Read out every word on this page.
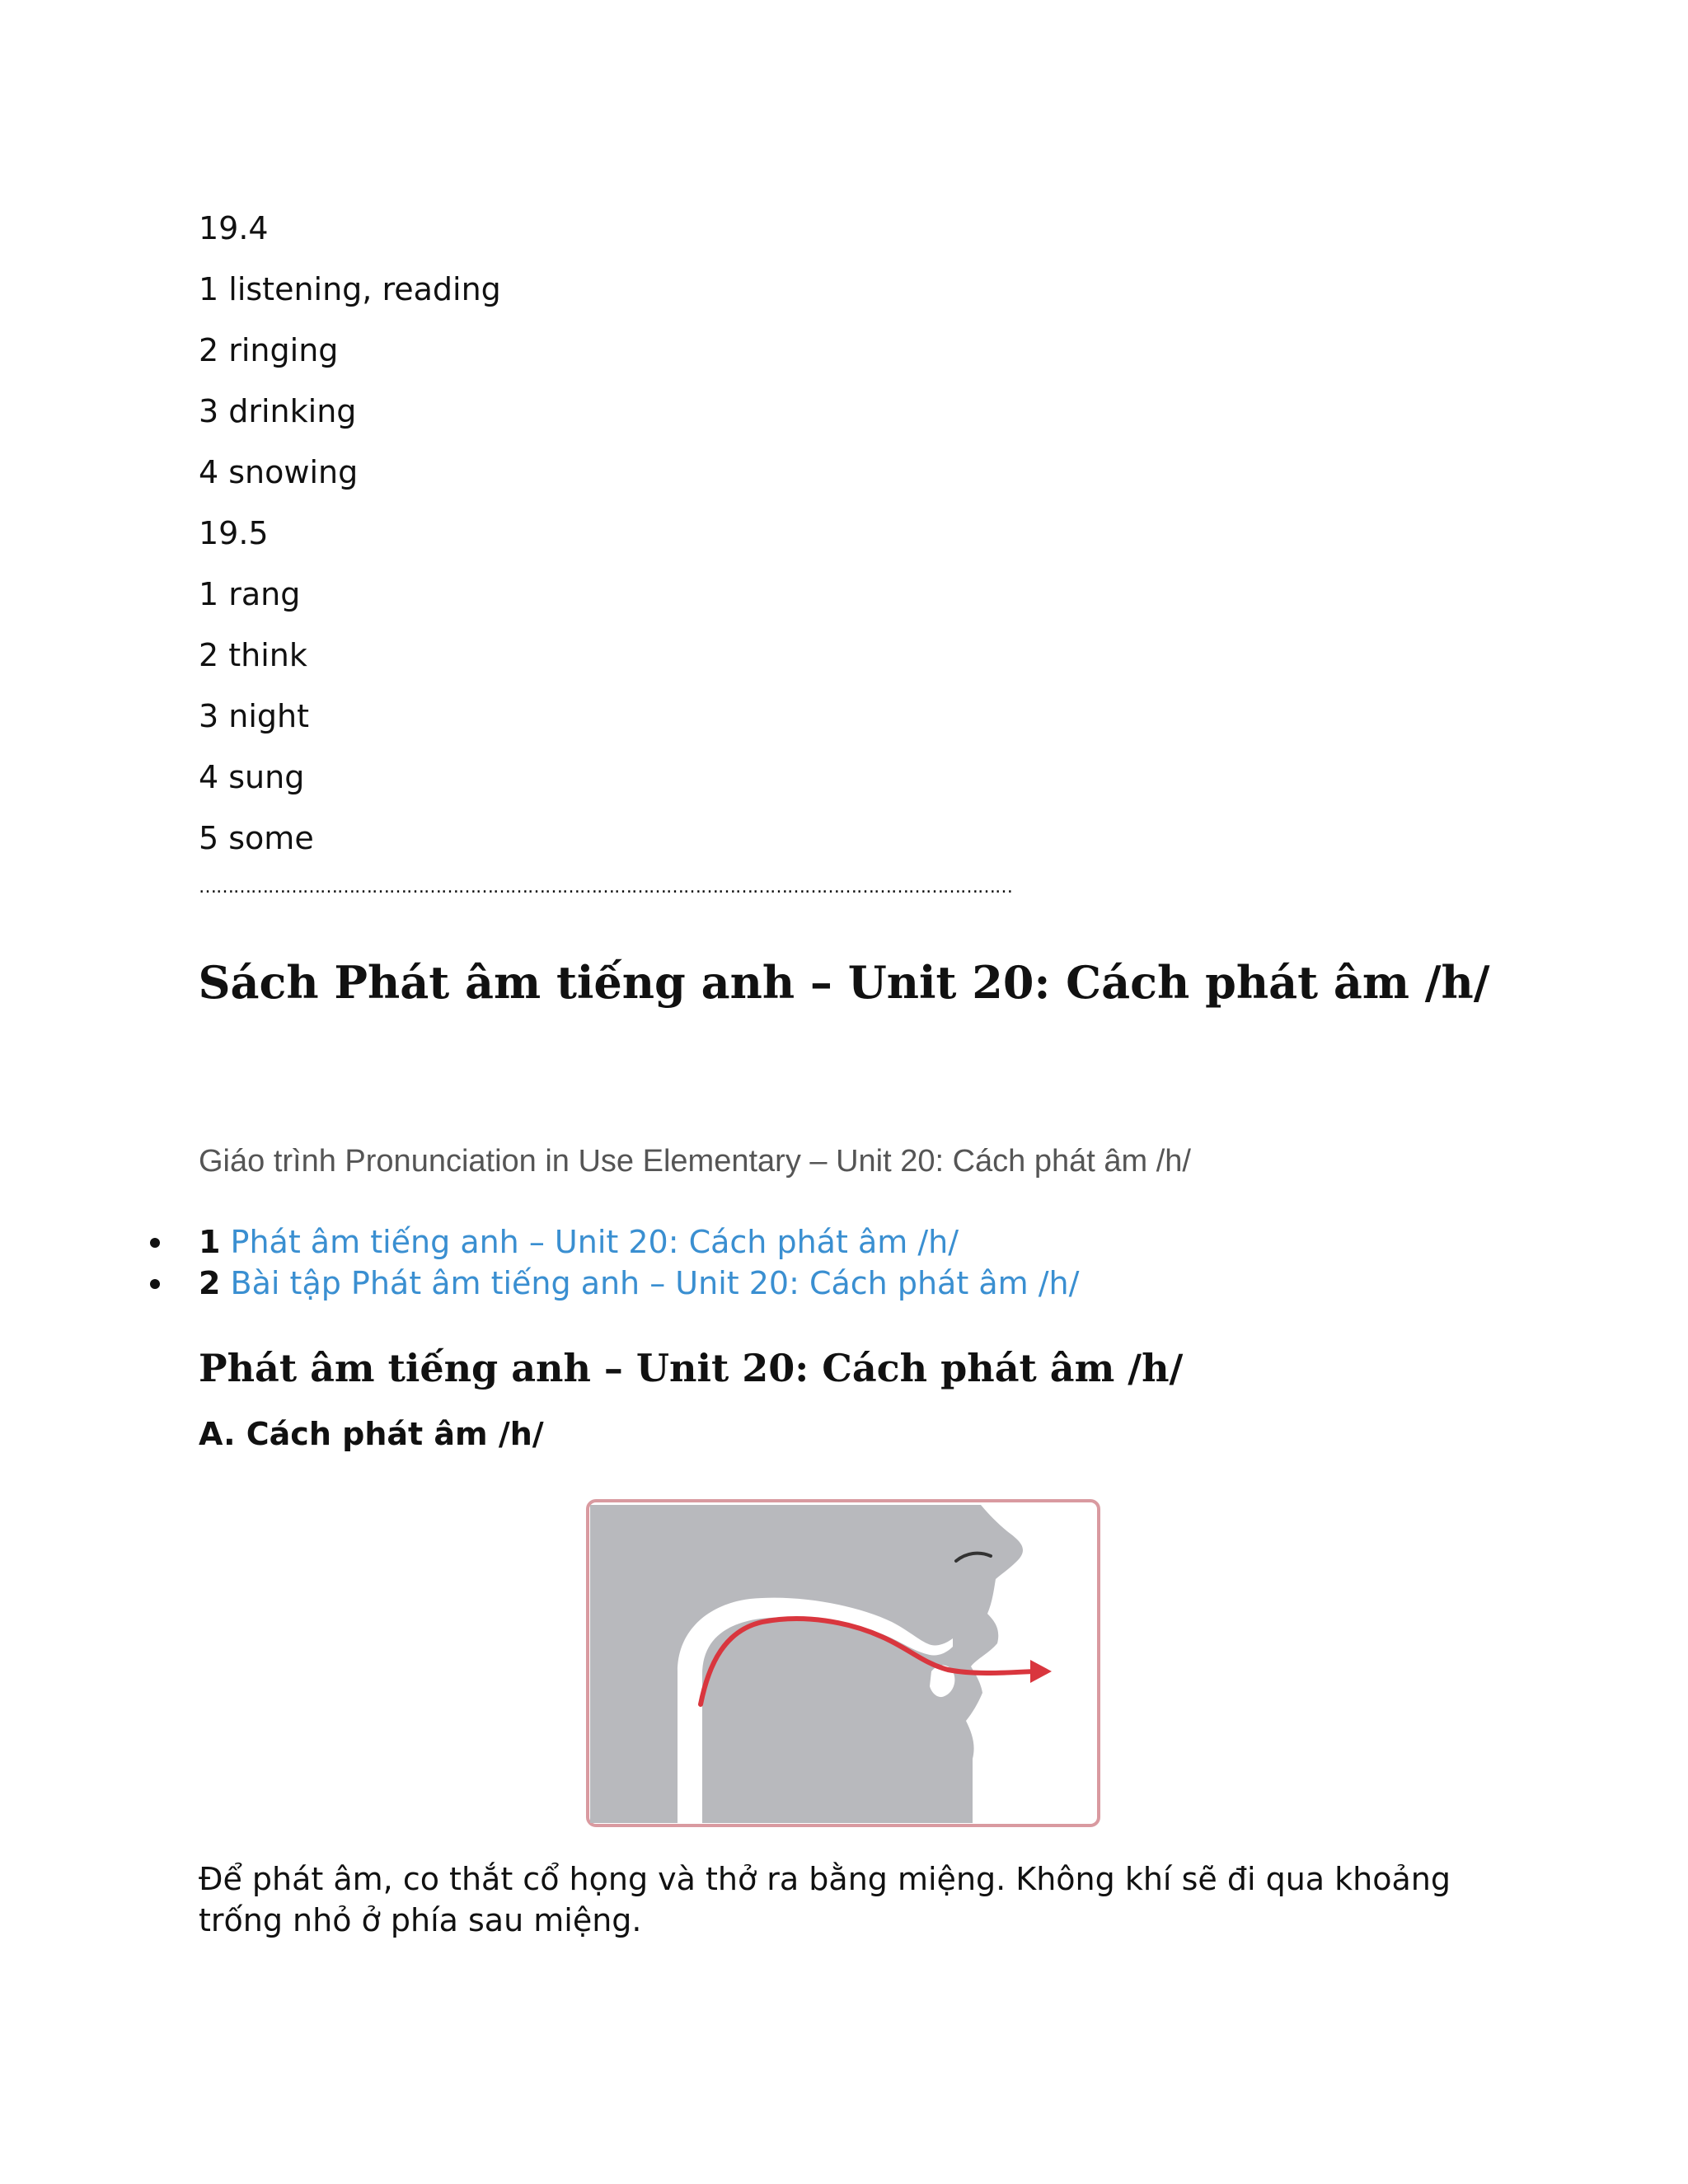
19.4
1 listening, reading
2 ringing
3 drinking
4 snowing
19.5
1 rang
2 think
3 night
4 sung
5 some
……………………………………………………………………………………………………………………………
Sách Phát âm tiếng anh – Unit 20: Cách phát âm /h/
Giáo trình Pronunciation in Use Elementary – Unit 20: Cách phát âm /h/
1 Phát âm tiếng anh – Unit 20: Cách phát âm /h/
2 Bài tập Phát âm tiếng anh – Unit 20: Cách phát âm /h/
Phát âm tiếng anh – Unit 20: Cách phát âm /h/
A. Cách phát âm /h/
Để phát âm, co thắt cổ họng và thở ra bằng miệng. Không khí sẽ đi qua khoảng trống nhỏ ở phía sau miệng.
